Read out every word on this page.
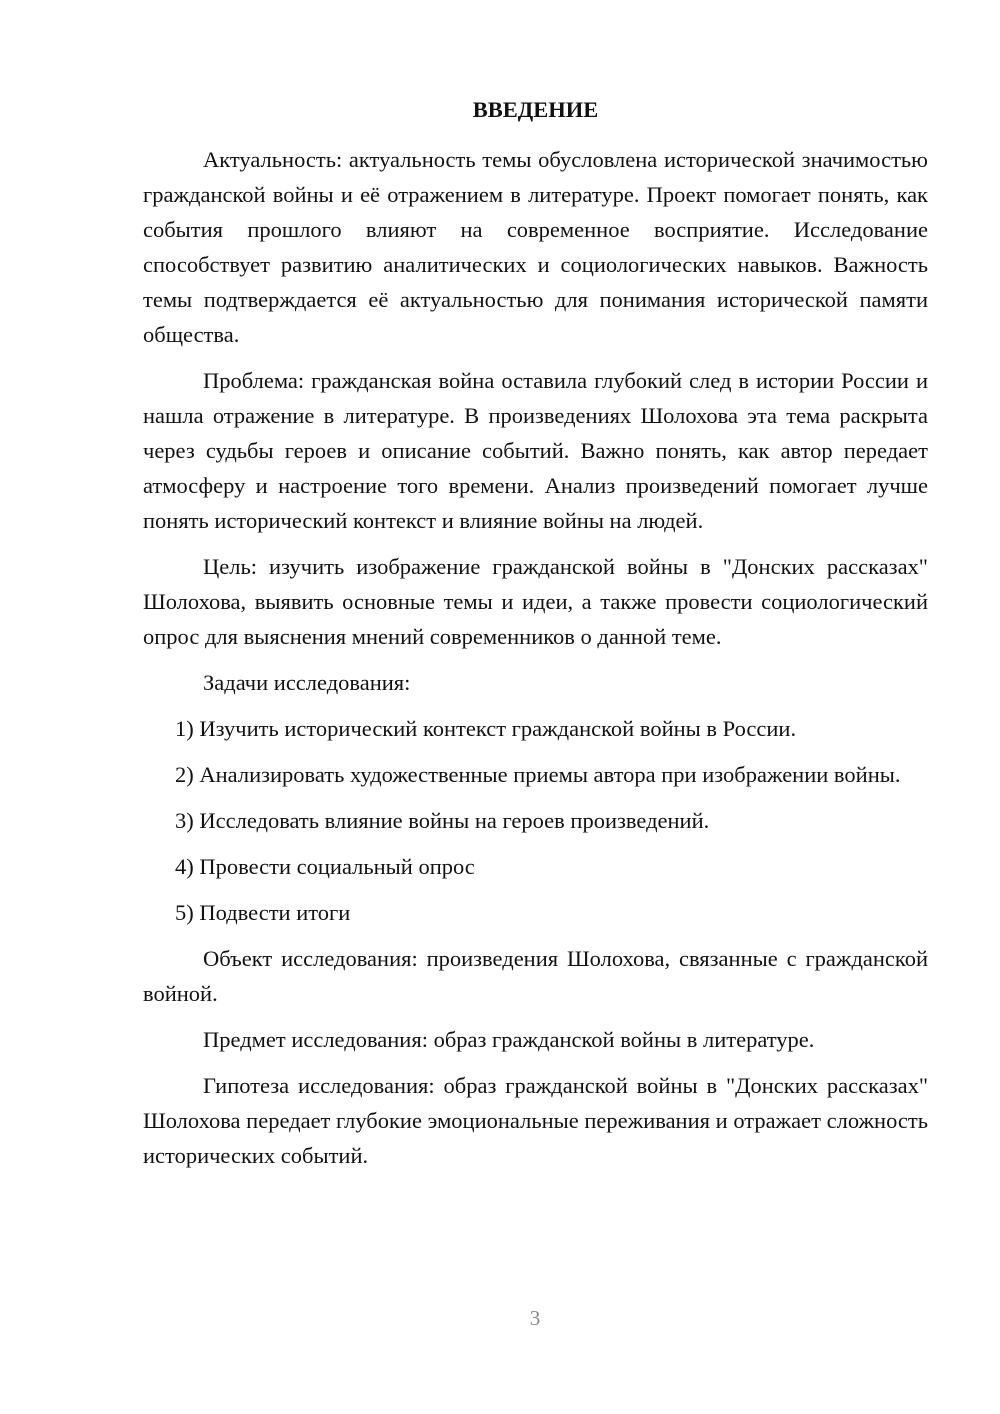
ВВЕДЕНИЕ

Актуальность: актуальность темы обусловлена исторической значимостью гражданской войны и её отражением в литературе. Проект помогает понять, как события прошлого влияют на современное восприятие. Исследование способствует развитию аналитических и социологических навыков. Важность темы подтверждается её актуальностью для понимания исторической памяти общества.

Проблема: гражданская война оставила глубокий след в истории России и нашла отражение в литературе. В произведениях Шолохова эта тема раскрыта через судьбы героев и описание событий. Важно понять, как автор передает атмосферу и настроение того времени. Анализ произведений помогает лучше понять исторический контекст и влияние войны на людей.

Цель: изучить изображение гражданской войны в "Донских рассказах" Шолохова, выявить основные темы и идеи, а также провести социологический опрос для выяснения мнений современников о данной теме.

Задачи исследования:

1) Изучить исторический контекст гражданской войны в России.

2) Анализировать художественные приемы автора при изображении войны.

3) Исследовать влияние войны на героев произведений.

4) Провести социальный опрос

5) Подвести итоги

Объект исследования: произведения Шолохова, связанные с гражданской войной.

Предмет исследования: образ гражданской войны в литературе.

Гипотеза исследования: образ гражданской войны в "Донских рассказах" Шолохова передает глубокие эмоциональные переживания и отражает сложность исторических событий.

3
